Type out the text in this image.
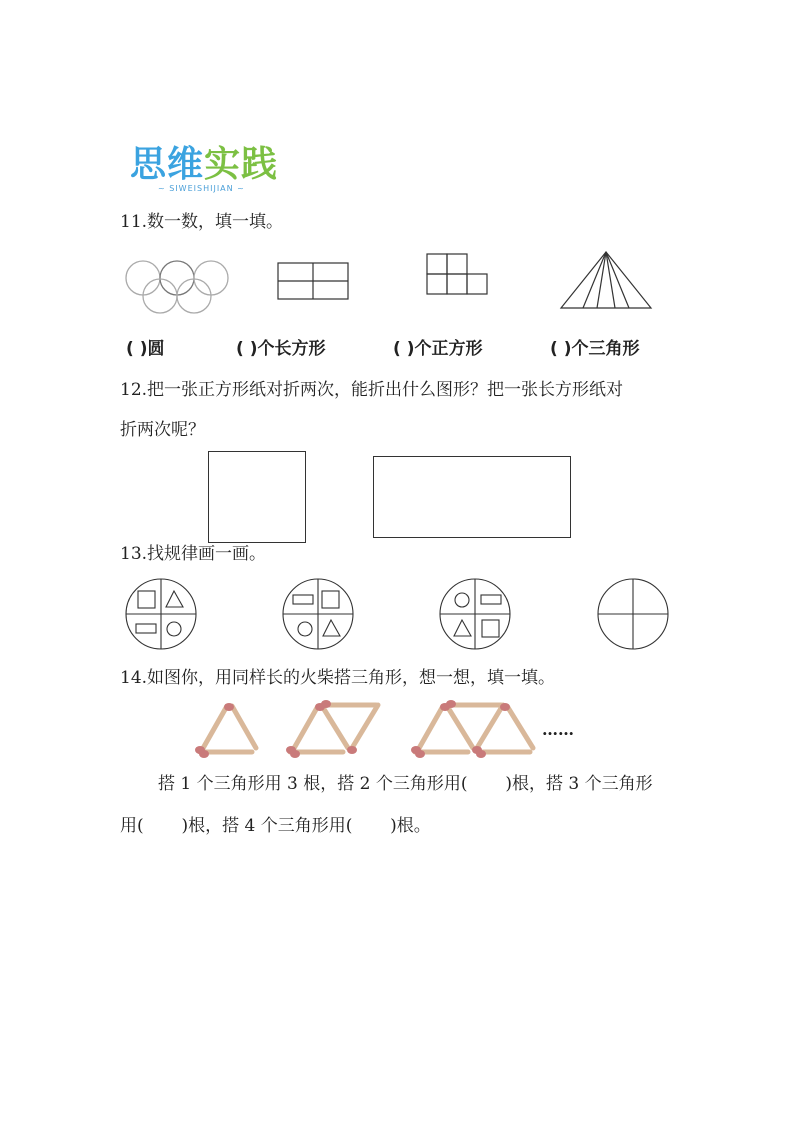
思维实践
~ SIWEISHIJIAN ~
11.数一数，填一填。
( )圆	( )个长方形	( )个正方形	( )个三角形
12.把一张正方形纸对折两次，能折出什么图形？把一张长方形纸对
折两次呢？
13.找规律画一画。
14.如图你，用同样长的火柴搭三角形，想一想，填一填。
……
搭 1 个三角形用 3 根，搭 2 个三角形用(       )根，搭 3 个三角形
用(       )根，搭 4 个三角形用(       )根。
